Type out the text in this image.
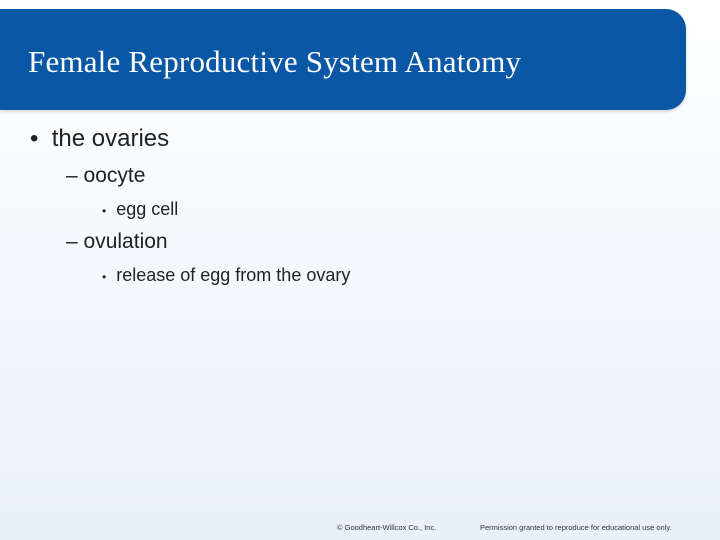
Female Reproductive System Anatomy
• the ovaries
– oocyte
• egg cell
– ovulation
• release of egg from the ovary
© Goodheart-Willcox Co., Inc.	Permission granted to reproduce for educational use only.
